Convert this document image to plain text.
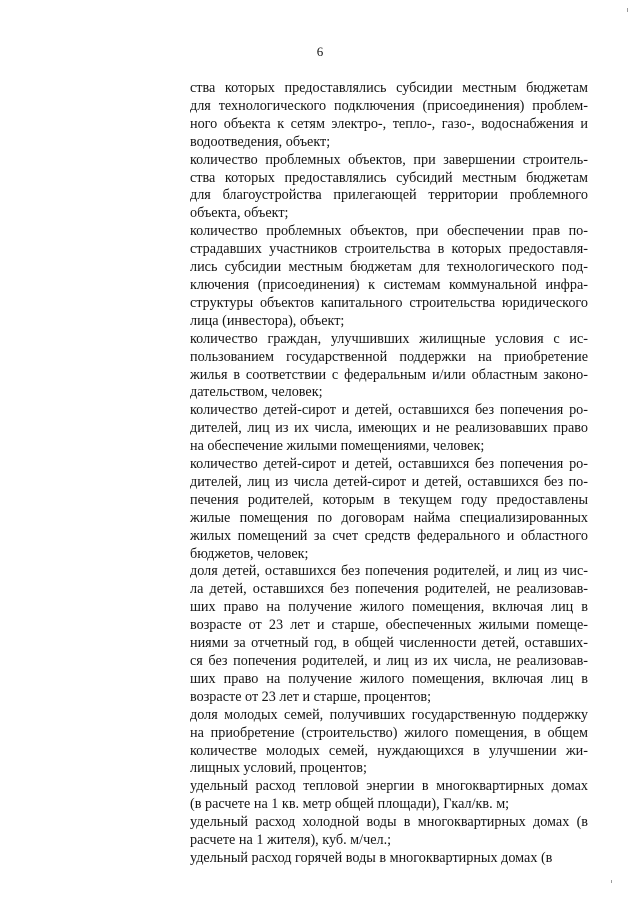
6

ства которых предоставлялись субсидии местным бюджетам
для технологического подключения (присоединения) проблем-
ного объекта к сетям электро-, тепло-, газо-, водоснабжения и
водоотведения, объект;

количество проблемных объектов, при завершении строитель-
ства которых предоставлялись субсидий местным бюджетам
для благоустройства прилегающей территории проблемного
объекта, объект;

количество проблемных объектов, при обеспечении прав по-
страдавших участников строительства в которых предоставля-
лись субсидии местным бюджетам для технологического под-
ключения (присоединения) к системам коммунальной инфра-
структуры объектов капитального строительства юридического
лица (инвестора), объект;

количество граждан, улучшивших жилищные условия с ис-
пользованием государственной поддержки на приобретение
жилья в соответствии с федеральным и/или областным законо-
дательством, человек;

количество детей-сирот и детей, оставшихся без попечения ро-
дителей, лиц из их числа, имеющих и не реализовавших право
на обеспечение жилыми помещениями, человек;

количество детей-сирот и детей, оставшихся без попечения ро-
дителей, лиц из числа детей-сирот и детей, оставшихся без по-
печения родителей, которым в текущем году предоставлены
жилые помещения по договорам найма специализированных
жилых помещений за счет средств федерального и областного
бюджетов, человек;

доля детей, оставшихся без попечения родителей, и лиц из чис-
ла детей, оставшихся без попечения родителей, не реализовав-
ших право на получение жилого помещения, включая лиц в
возрасте от 23 лет и старше, обеспеченных жилыми помеще-
ниями за отчетный год, в общей численности детей, оставших-
ся без попечения родителей, и лиц из их числа, не реализовав-
ших право на получение жилого помещения, включая лиц в
возрасте от 23 лет и старше, процентов;

доля молодых семей, получивших государственную поддержку
на приобретение (строительство) жилого помещения, в общем
количестве молодых семей, нуждающихся в улучшении жи-
лищных условий, процентов;

удельный расход тепловой энергии в многоквартирных домах
(в расчете на 1 кв. метр общей площади), Гкал/кв. м;

удельный расход холодной воды в многоквартирных домах (в
расчете на 1 жителя), куб. м/чел.;

удельный расход горячей воды в многоквартирных домах (в
